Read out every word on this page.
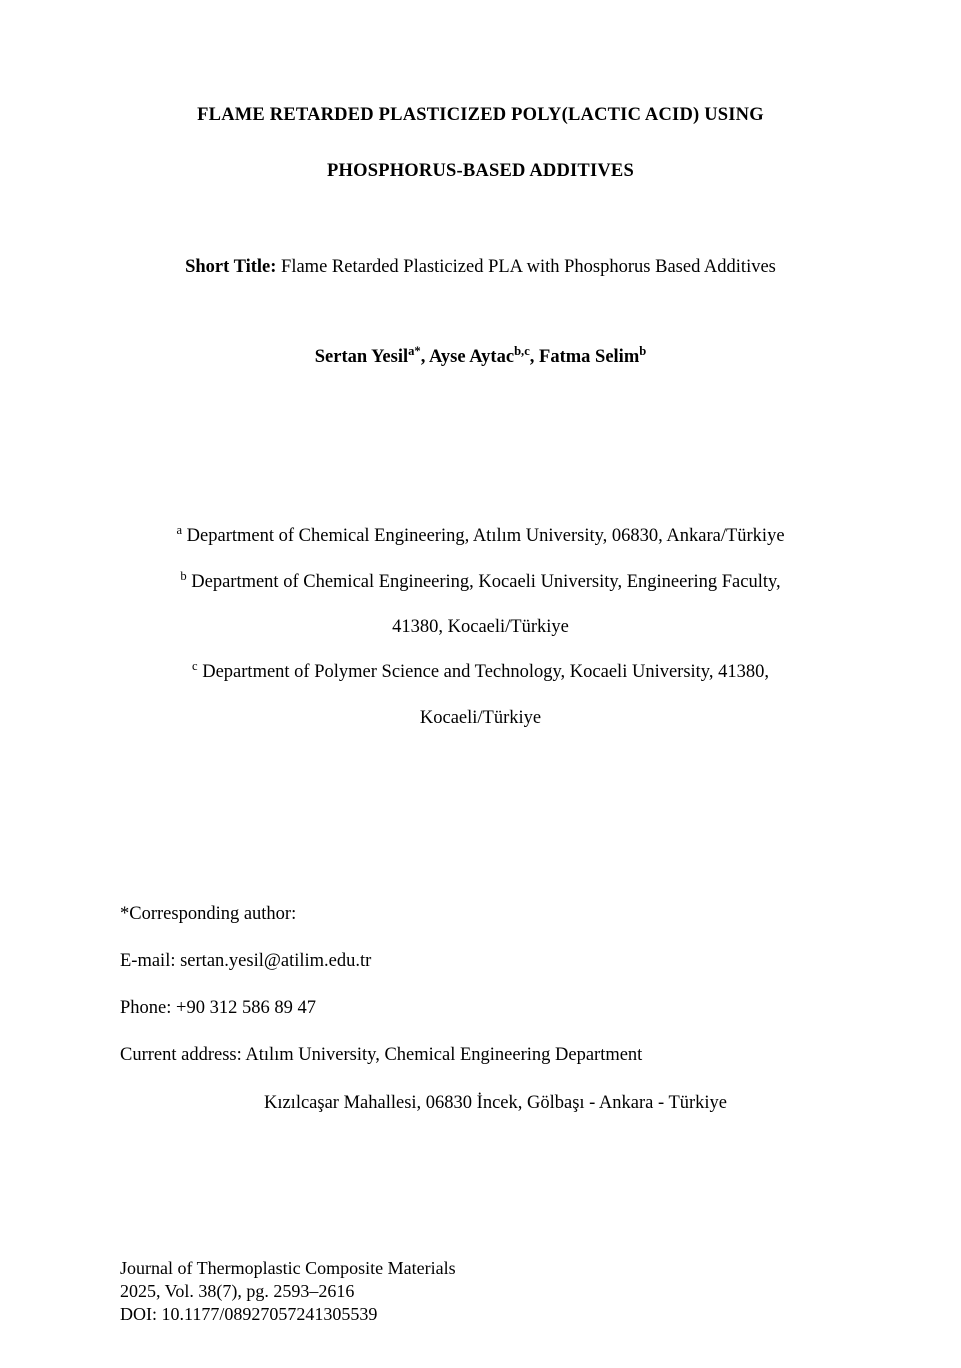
FLAME RETARDED PLASTICIZED POLY(LACTIC ACID) USING
PHOSPHORUS-BASED ADDITIVES
Short Title: Flame Retarded Plasticized PLA with Phosphorus Based Additives
Sertan Yesil$^{a*}$, Ayse Aytac$^{b,c}$, Fatma Selim$^b$
$^a$ Department of Chemical Engineering, Atılım University, 06830, Ankara/Türkiye
$^b$ Department of Chemical Engineering, Kocaeli University, Engineering Faculty,
41380, Kocaeli/Türkiye
$^c$ Department of Polymer Science and Technology, Kocaeli University, 41380,
Kocaeli/Türkiye
*Corresponding author:
E-mail: sertan.yesil@atilim.edu.tr
Phone: +90 312 586 89 47
Current address: Atılım University, Chemical Engineering Department
Kızılcaşar Mahallesi, 06830 İncek, Gölbaşı - Ankara - Türkiye
Journal of Thermoplastic Composite Materials
2025, Vol. 38(7), pg. 2593–2616
DOI: 10.1177/08927057241305539
